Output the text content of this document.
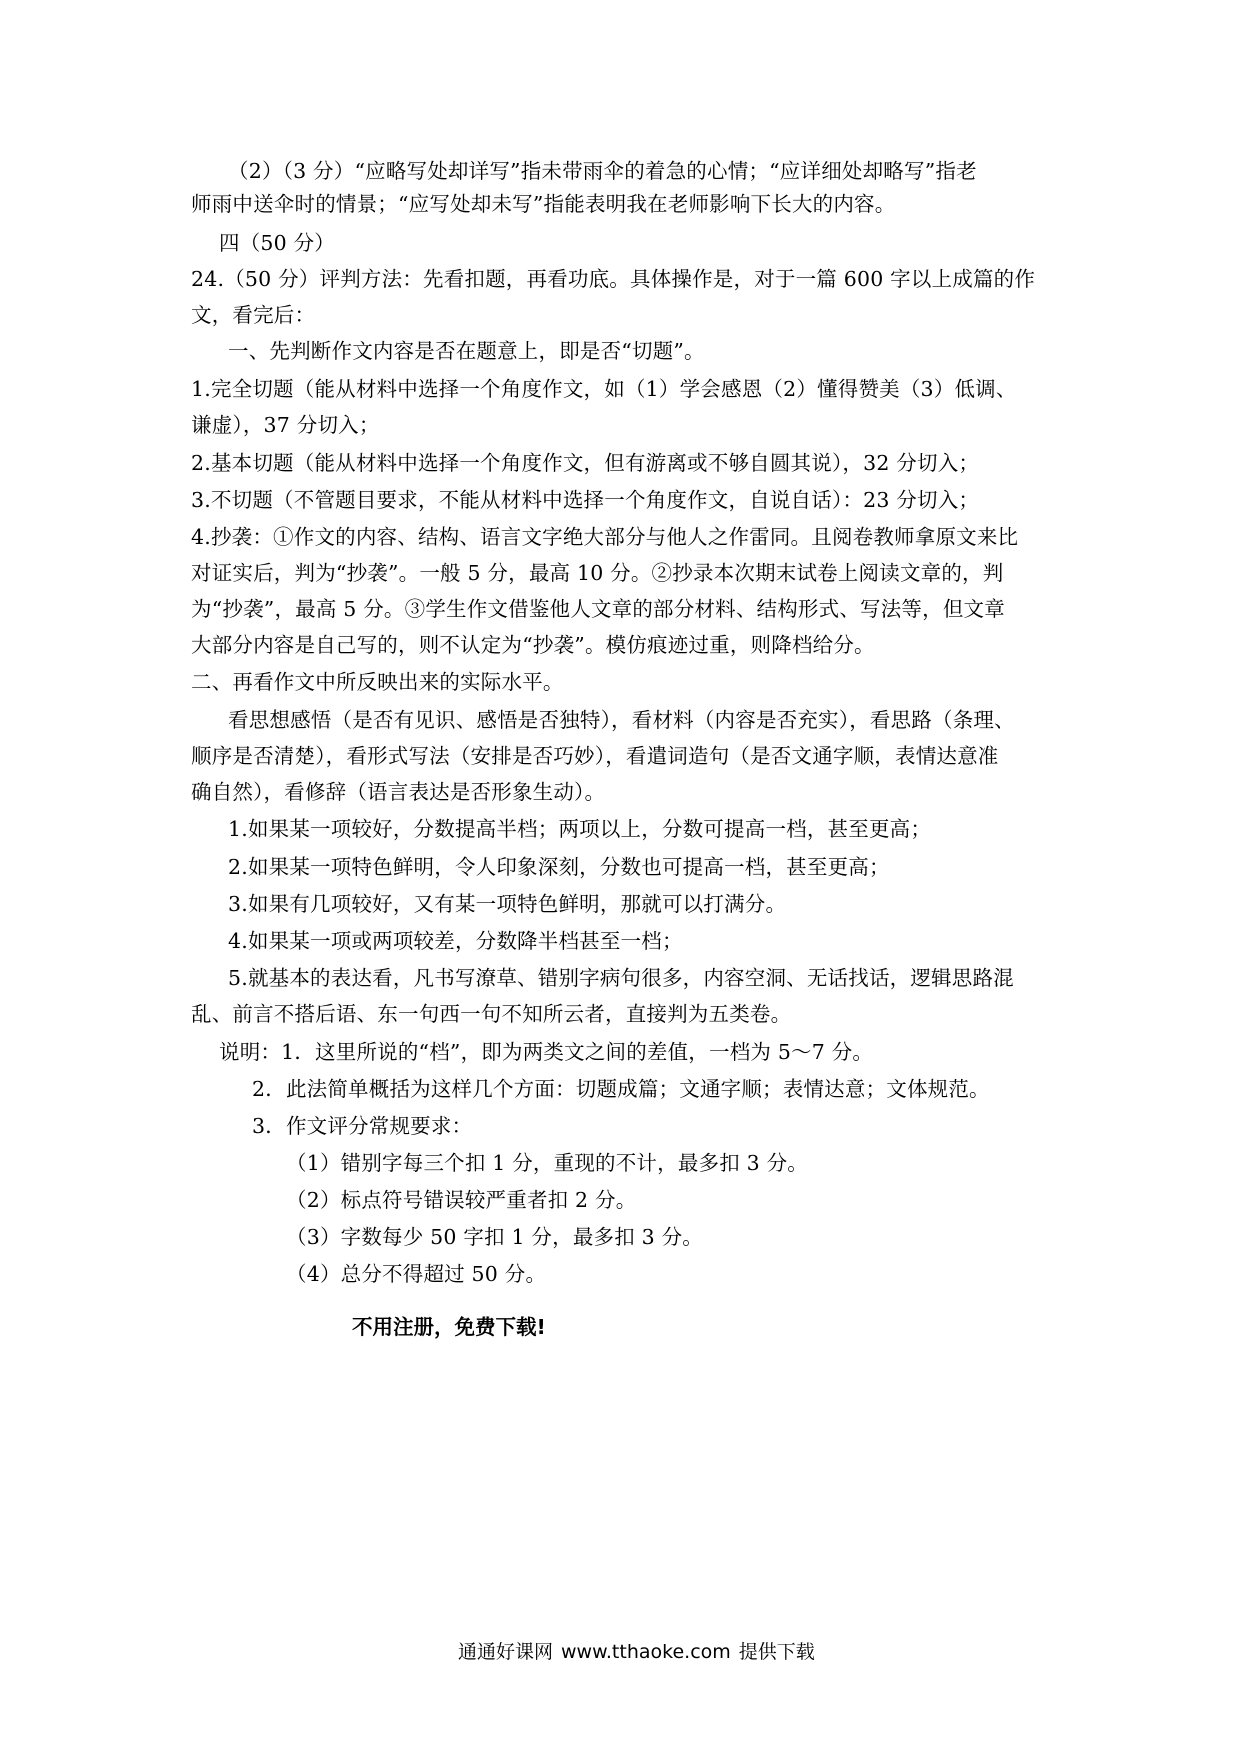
（2）（3 分）“应略写处却详写”指未带雨伞的着急的心情；“应详细处却略写”指老
师雨中送伞时的情景；“应写处却未写”指能表明我在老师影响下长大的内容。
四（50 分）
24.（50 分）评判方法：先看扣题，再看功底。具体操作是，对于一篇 600 字以上成篇的作
文，看完后：
一、先判断作文内容是否在题意上，即是否“切题”。
1.完全切题（能从材料中选择一个角度作文，如（1）学会感恩（2）懂得赞美（3）低调、
谦虚），37 分切入；
2.基本切题（能从材料中选择一个角度作文，但有游离或不够自圆其说），32 分切入；
3.不切题（不管题目要求，不能从材料中选择一个角度作文，自说自话）：23 分切入；
4.抄袭：①作文的内容、结构、语言文字绝大部分与他人之作雷同。且阅卷教师拿原文来比
对证实后，判为“抄袭”。一般 5 分，最高 10 分。②抄录本次期末试卷上阅读文章的，判
为“抄袭”，最高 5 分。③学生作文借鉴他人文章的部分材料、结构形式、写法等，但文章
大部分内容是自己写的，则不认定为“抄袭”。模仿痕迹过重，则降档给分。
二、再看作文中所反映出来的实际水平。
看思想感悟（是否有见识、感悟是否独特），看材料（内容是否充实），看思路（条理、
顺序是否清楚），看形式写法（安排是否巧妙），看遣词造句（是否文通字顺，表情达意准
确自然），看修辞（语言表达是否形象生动）。
1.如果某一项较好，分数提高半档；两项以上，分数可提高一档，甚至更高；
2.如果某一项特色鲜明，令人印象深刻，分数也可提高一档，甚至更高；
3.如果有几项较好，又有某一项特色鲜明，那就可以打满分。
4.如果某一项或两项较差，分数降半档甚至一档；
5.就基本的表达看，凡书写潦草、错别字病句很多，内容空洞、无话找话，逻辑思路混
乱、前言不搭后语、东一句西一句不知所云者，直接判为五类卷。
说明：1．这里所说的“档”，即为两类文之间的差值，一档为 5～7 分。
2．此法简单概括为这样几个方面：切题成篇；文通字顺；表情达意；文体规范。
3．作文评分常规要求：
（1）错别字每三个扣 1 分，重现的不计，最多扣 3 分。
（2）标点符号错误较严重者扣 2 分。
（3）字数每少 50 字扣 1 分，最多扣 3 分。
（4）总分不得超过 50 分。
不用注册，免费下载!
通通好课网 www.tthaoke.com 提供下载
